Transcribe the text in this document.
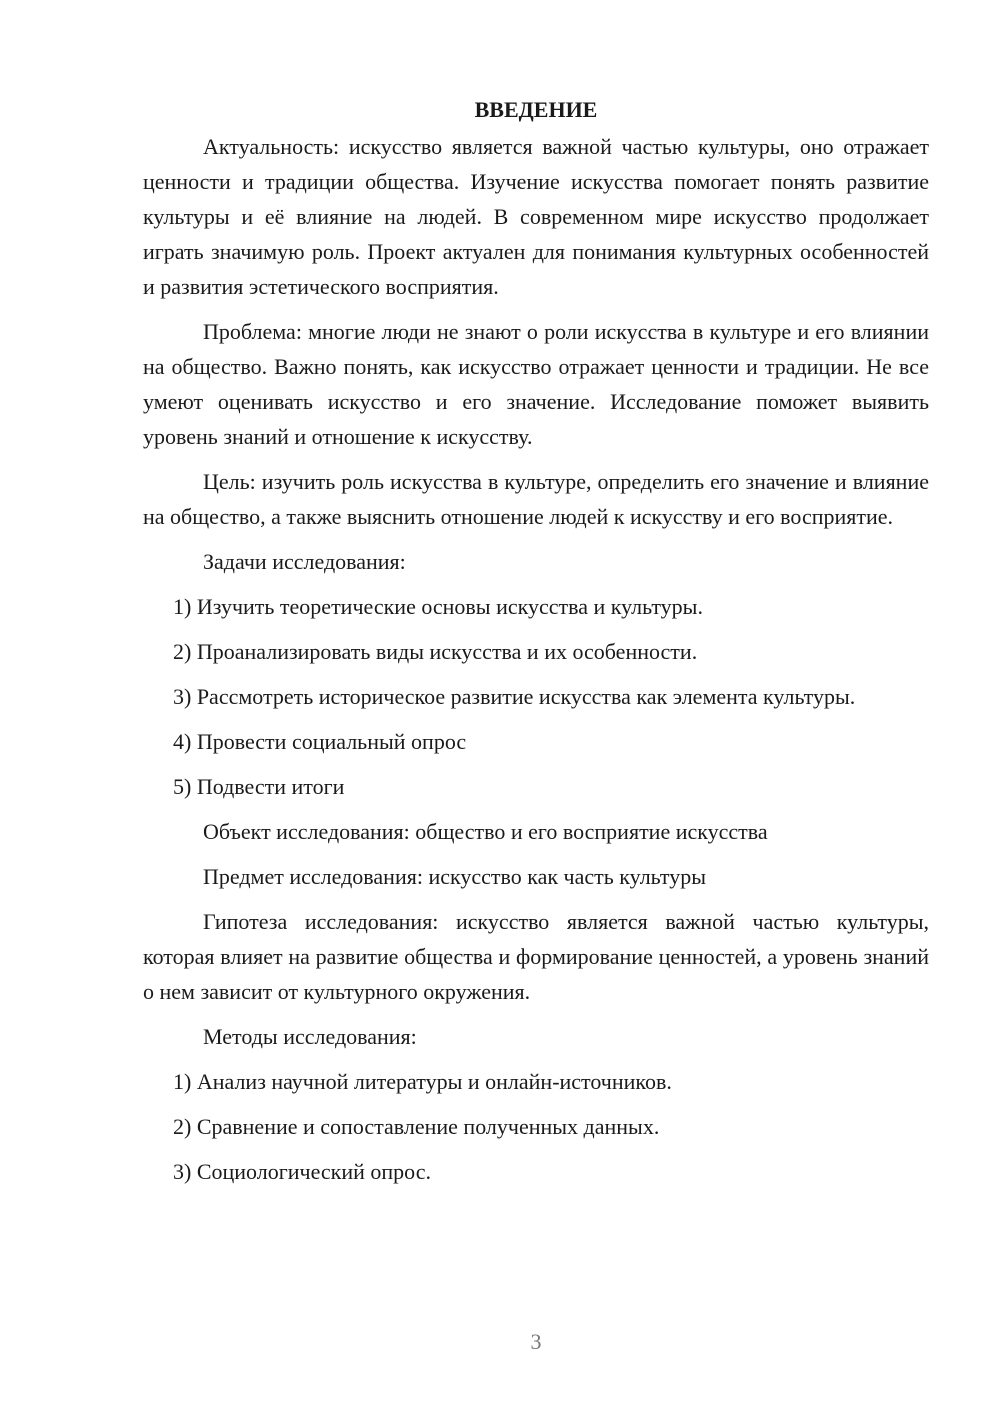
ВВЕДЕНИЕ

Актуальность: искусство является важной частью культуры, оно отражает ценности и традиции общества. Изучение искусства помогает понять развитие культуры и её влияние на людей. В современном мире искусство продолжает играть значимую роль. Проект актуален для понимания культурных особенностей и развития эстетического восприятия.

Проблема: многие люди не знают о роли искусства в культуре и его влиянии на общество. Важно понять, как искусство отражает ценности и традиции. Не все умеют оценивать искусство и его значение. Исследование поможет выявить уровень знаний и отношение к искусству.

Цель: изучить роль искусства в культуре, определить его значение и влияние на общество, а также выяснить отношение людей к искусству и его восприятие.

Задачи исследования:

1) Изучить теоретические основы искусства и культуры.

2) Проанализировать виды искусства и их особенности.

3) Рассмотреть историческое развитие искусства как элемента культуры.

4) Провести социальный опрос

5) Подвести итоги

Объект исследования: общество и его восприятие искусства

Предмет исследования: искусство как часть культуры

Гипотеза исследования: искусство является важной частью культуры, которая влияет на развитие общества и формирование ценностей, а уровень знаний о нем зависит от культурного окружения.

Методы исследования:

1) Анализ научной литературы и онлайн-источников.

2) Сравнение и сопоставление полученных данных.

3) Социологический опрос.

3
